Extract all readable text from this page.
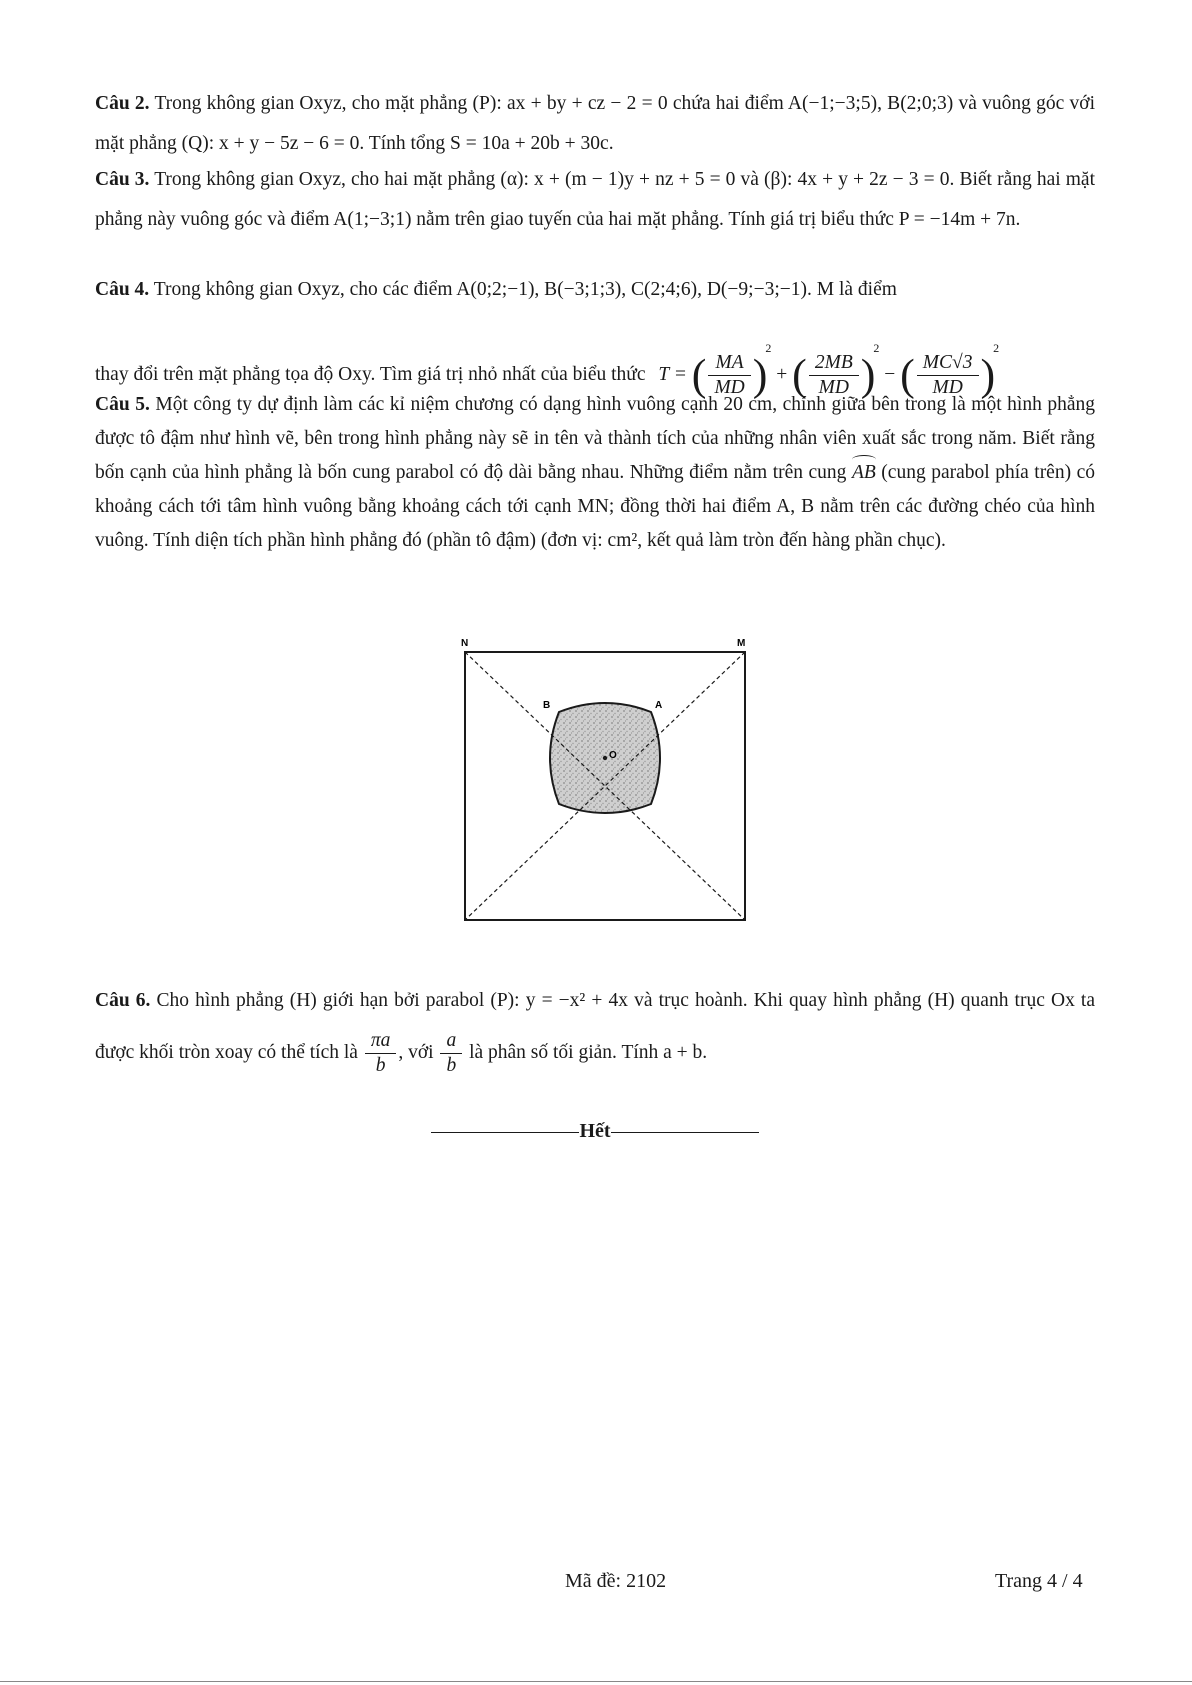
Câu 2. Trong không gian Oxyz, cho mặt phẳng (P): ax + by + cz − 2 = 0 chứa hai điểm A(−1;−3;5), B(2;0;3) và vuông góc với mặt phẳng (Q): x + y − 5z − 6 = 0. Tính tổng S = 10a + 20b + 30c.

Câu 3. Trong không gian Oxyz, cho hai mặt phẳng (α): x + (m − 1)y + nz + 5 = 0 và (β): 4x + y + 2z − 3 = 0. Biết rằng hai mặt phẳng này vuông góc và điểm A(1;−3;1) nằm trên giao tuyến của hai mặt phẳng. Tính giá trị biểu thức P = −14m + 7n.

Câu 4. Trong không gian Oxyz, cho các điểm A(0;2;−1), B(−3;1;3), C(2;4;6), D(−9;−3;−1). M là điểm

thay đổi trên mặt phẳng tọa độ Oxy. Tìm giá trị nhỏ nhất của biểu thức T = ( $\frac{MA}{MD} )^2$ + ( $\frac{2MB}{MD} )^2$ − ( $\frac{MC√3}{MD} )^2$

Câu 5. Một công ty dự định làm các kỉ niệm chương có dạng hình vuông cạnh 20 cm, chính giữa bên trong là một hình phẳng được tô đậm như hình vẽ, bên trong hình phẳng này sẽ in tên và thành tích của những nhân viên xuất sắc trong năm. Biết rằng bốn cạnh của hình phẳng là bốn cung parabol có độ dài bằng nhau. Những điểm nằm trên cung AB (cung parabol phía trên) có khoảng cách tới tâm hình vuông bằng khoảng cách tới cạnh MN; đồng thời hai điểm A, B nằm trên các đường chéo của hình vuông. Tính diện tích phần hình phẳng đó (phần tô đậm) (đơn vị: cm², kết quả làm tròn đến hàng phần chục).

N	M
B	A
O

Câu 6. Cho hình phẳng (H) giới hạn bởi parabol (P): y = −x² + 4x và trục hoành. Khi quay hình phẳng (H) quanh trục Ox ta được khối tròn xoay có thể tích là $\frac{\pi a}{b}$ , với $\frac{a}{b}$ là phân số tối giản. Tính a + b.

Hết
Mã đề: 2102	Trang 4 / 4
